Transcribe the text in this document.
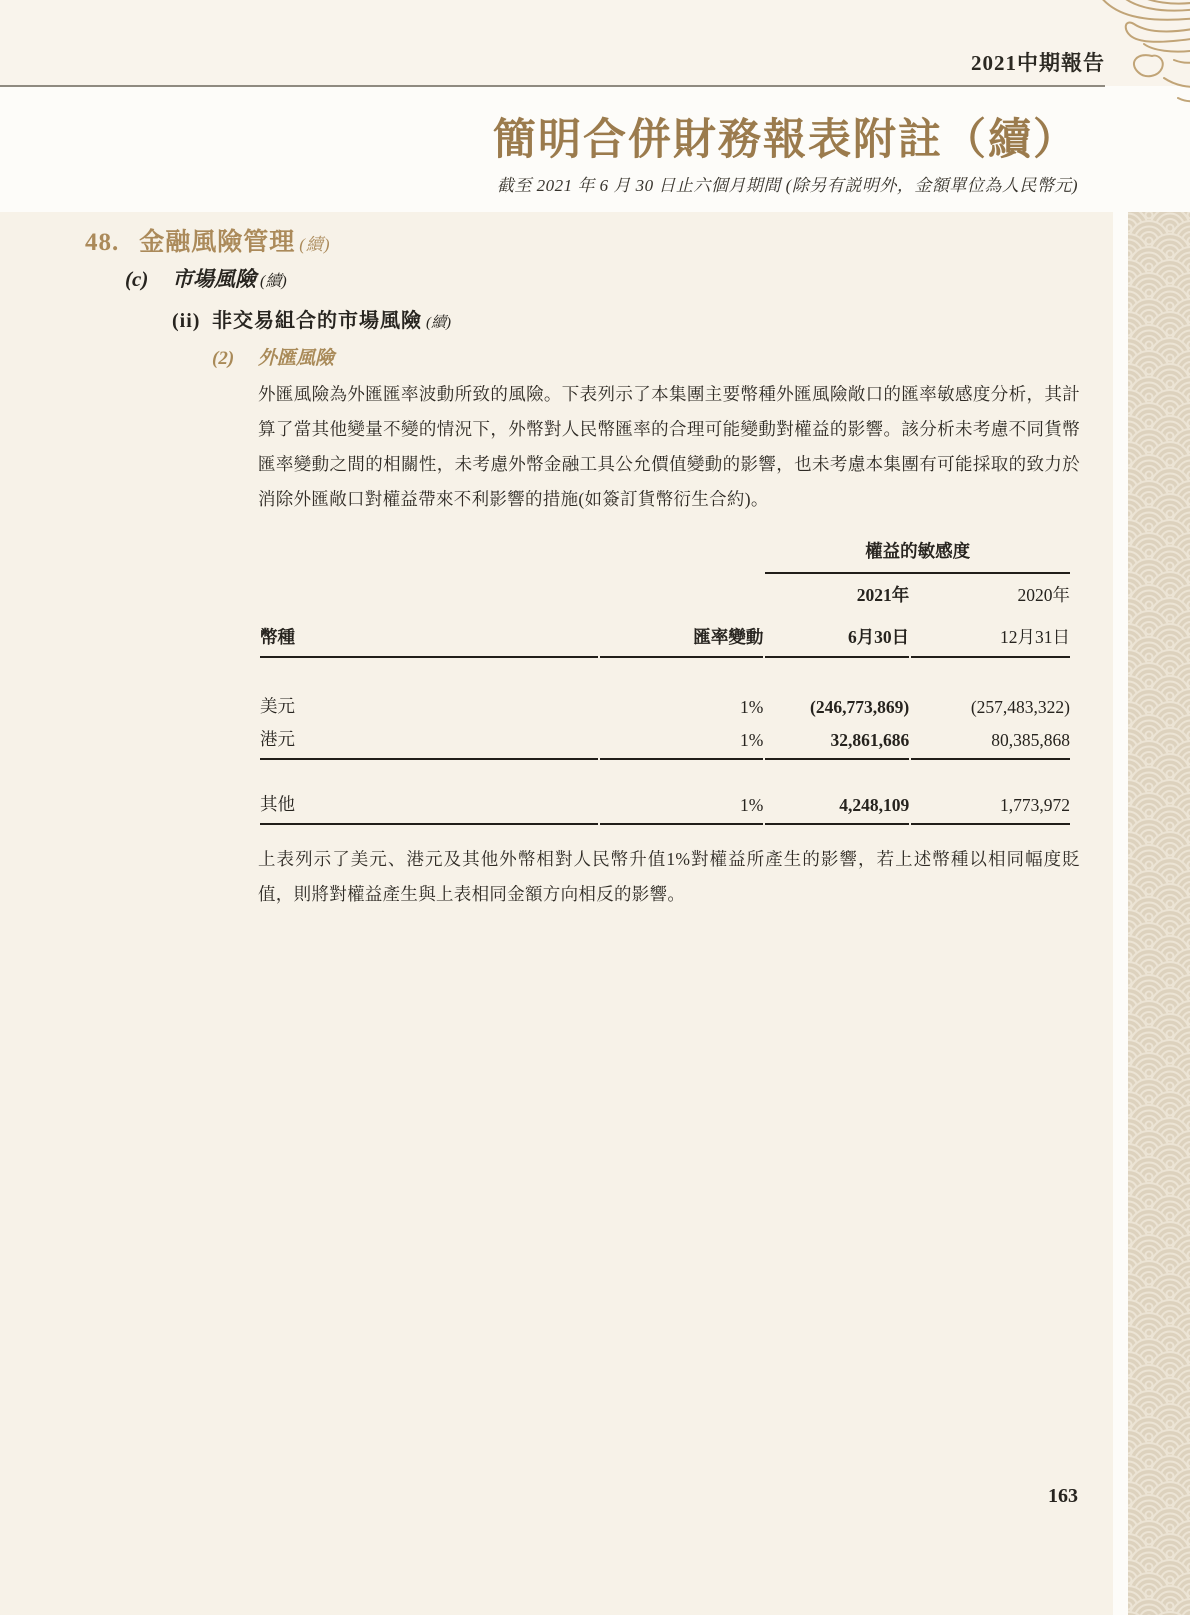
2021中期報告
簡明合併財務報表附註（續）
截至 2021 年 6 月 30 日止六個月期間 (除另有説明外，金額單位為人民幣元)
48. 金融風險管理 (續)
(c) 市場風險 (續)
(ii) 非交易組合的市場風險 (續)
(2) 外匯風險
外匯風險為外匯匯率波動所致的風險。下表列示了本集團主要幣種外匯風險敞口的匯率敏感度分析，其計算了當其他變量不變的情況下，外幣對人民幣匯率的合理可能變動對權益的影響。該分析未考慮不同貨幣匯率變動之間的相關性，未考慮外幣金融工具公允價值變動的影響，也未考慮本集團有可能採取的致力於消除外匯敞口對權益帶來不利影響的措施(如簽訂貨幣衍生合約)。
		權益的敏感度	
		2021年	2020年
幣種	匯率變動	6月30日	12月31日

美元	1%	(246,773,869)	(257,483,322)
港元	1%	32,861,686	80,385,868

其他	1%	4,248,109	1,773,972
上表列示了美元、港元及其他外幣相對人民幣升值1%對權益所產生的影響，若上述幣種以相同幅度貶值，則將對權益產生與上表相同金額方向相反的影響。
163
